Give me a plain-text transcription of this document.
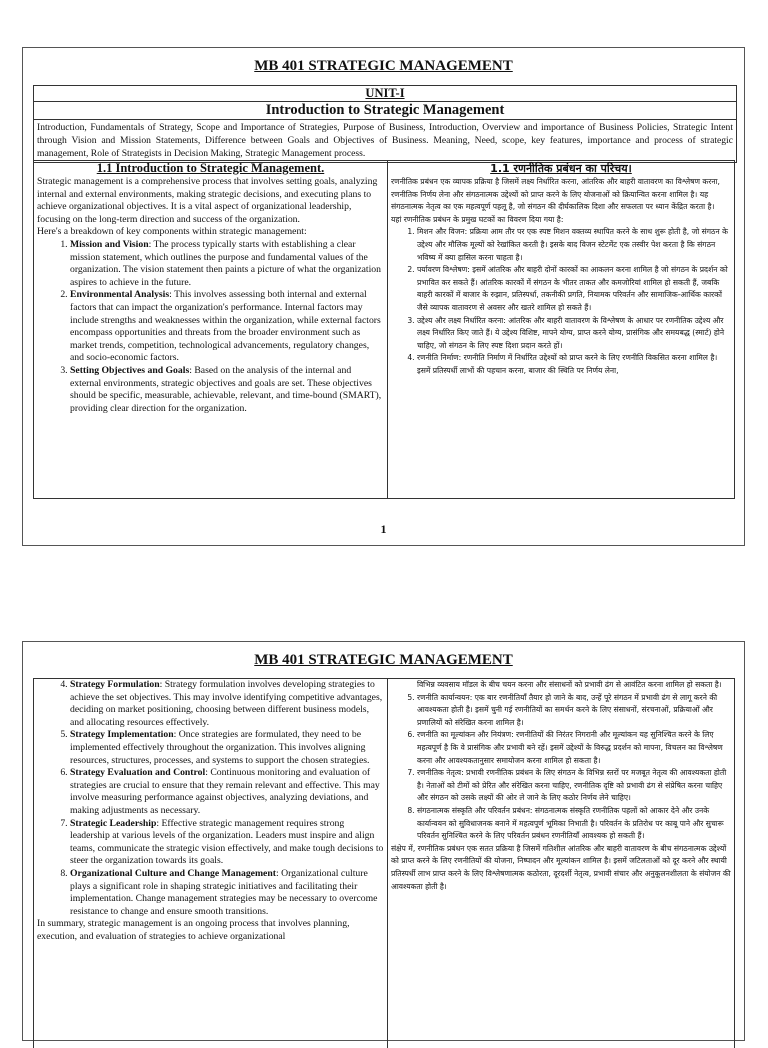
MB 401 STRATEGIC MANAGEMENT
UNIT-I
Introduction to Strategic Management
Introduction, Fundamentals of Strategy, Scope and Importance of Strategies, Purpose of Business, Introduction, Overview and importance of Business Policies, Strategic Intent through Vision and Mission Statements, Difference between Goals and Objectives of Business. Meaning, Need, scope, key features, importance and process of strategic management, Role of Strategists in Decision Making, Strategic Management process.
1.1 Introduction to Strategic Management.

Strategic management is a comprehensive process that involves setting goals, analyzing internal and external environments, making strategic decisions, and executing plans to achieve organizational objectives. It is a vital aspect of organizational leadership, focusing on the long-term direction and success of the organization.

Here's a breakdown of key components within strategic management:

1. Mission and Vision: The process typically starts with establishing a clear mission statement, which outlines the purpose and fundamental values of the organization. The vision statement then paints a picture of what the organization aspires to achieve in the future.
2. Environmental Analysis: This involves assessing both internal and external factors that can impact the organization's performance. Internal factors may include strengths and weaknesses within the organization, while external factors encompass opportunities and threats from the broader environment such as market trends, competition, technological advancements, regulatory changes, and socio-economic factors.
3. Setting Objectives and Goals: Based on the analysis of the internal and external environments, strategic objectives and goals are set. These objectives should be specific, measurable, achievable, relevant, and time-bound (SMART), providing clear direction for the organization.
1.1 रणनीतिक प्रबंधन का परिचय।

रणनीतिक प्रबंधन एक व्यापक प्रक्रिया है जिसमें लक्ष्य निर्धारित करना, आंतरिक और बाहरी वातावरण का विश्लेषण करना, रणनीतिक निर्णय लेना और संगठनात्मक उद्देश्यों को प्राप्त करने के लिए योजनाओं को क्रियान्वित करना शामिल है। यह संगठनात्मक नेतृत्व का एक महत्वपूर्ण पहलू है, जो संगठन की दीर्घकालिक दिशा और सफलता पर ध्यान केंद्रित करता है।

यहां रणनीतिक प्रबंधन के प्रमुख घटकों का विवरण दिया गया है:

1. मिशन और विजन: प्रक्रिया आम तौर पर एक स्पष्ट मिशन वक्तव्य स्थापित करने के साथ शुरू होती है, जो संगठन के उद्देश्य और मौलिक मूल्यों को रेखांकित करती है। इसके बाद विजन स्टेटमेंट एक तस्वीर पेश करता है कि संगठन भविष्य में क्या हासिल करना चाहता है।
2. पर्यावरण विश्लेषण: इसमें आंतरिक और बाहरी दोनों कारकों का आकलन करना शामिल है जो संगठन के प्रदर्शन को प्रभावित कर सकते हैं। आंतरिक कारकों में संगठन के भीतर ताकत और कमजोरियां शामिल हो सकती हैं, जबकि बाहरी कारकों में बाजार के रुझान, प्रतिस्पर्धा, तकनीकी प्रगति, नियामक परिवर्तन और सामाजिक-आर्थिक कारकों जैसे व्यापक वातावरण से अवसर और खतरे शामिल हो सकते हैं।
3. उद्देश्य और लक्ष्य निर्धारित करना: आंतरिक और बाहरी वातावरण के विश्लेषण के आधार पर रणनीतिक उद्देश्य और लक्ष्य निर्धारित किए जाते हैं। ये उद्देश्य विशिष्ट, मापने योग्य, प्राप्त करने योग्य, प्रासंगिक और समयबद्ध (स्मार्ट) होने चाहिए, जो संगठन के लिए स्पष्ट दिशा प्रदान करते हों।
4. रणनीति निर्माण: रणनीति निर्माण में निर्धारित उद्देश्यों को प्राप्त करने के लिए रणनीति विकसित करना शामिल है। इसमें प्रतिस्पर्धी लाभों की पहचान करना, बाजार की स्थिति पर निर्णय लेना,
1
MB 401 STRATEGIC MANAGEMENT
4. Strategy Formulation: Strategy formulation involves developing strategies to achieve the set objectives. This may involve identifying competitive advantages, deciding on market positioning, choosing between different business models, and allocating resources effectively.
5. Strategy Implementation: Once strategies are formulated, they need to be implemented effectively throughout the organization. This involves aligning resources, structures, processes, and systems to support the chosen strategies.
6. Strategy Evaluation and Control: Continuous monitoring and evaluation of strategies are crucial to ensure that they remain relevant and effective. This may involve measuring performance against objectives, analyzing deviations, and making adjustments as necessary.
7. Strategic Leadership: Effective strategic management requires strong leadership at various levels of the organization. Leaders must inspire and align teams, communicate the strategic vision effectively, and make tough decisions to steer the organization towards its goals.
8. Organizational Culture and Change Management: Organizational culture plays a significant role in shaping strategic initiatives and facilitating their implementation. Change management strategies may be necessary to overcome resistance to change and ensure smooth transitions.

In summary, strategic management is an ongoing process that involves planning, execution, and evaluation of strategies to achieve organizational

विभिन्न व्यवसाय मॉडल के बीच चयन करना और संसाधनों को प्रभावी ढंग से आवंटित करना शामिल हो सकता है।

5. रणनीति कार्यान्वयन: एक बार रणनीतियाँ तैयार हो जाने के बाद, उन्हें पूरे संगठन में प्रभावी ढंग से लागू करने की आवश्यकता होती है। इसमें चुनी गई रणनीतियों का समर्थन करने के लिए संसाधनों, संरचनाओं, प्रक्रियाओं और प्रणालियों को संरेखित करना शामिल है।
6. रणनीति का मूल्यांकन और नियंत्रण: रणनीतियों की निरंतर निगरानी और मूल्यांकन यह सुनिश्चित करने के लिए महत्वपूर्ण है कि वे प्रासंगिक और प्रभावी बने रहें। इसमें उद्देश्यों के विरुद्ध प्रदर्शन को मापना, विचलन का विश्लेषण करना और आवश्यकतानुसार समायोजन करना शामिल हो सकता है।
7. रणनीतिक नेतृत्व: प्रभावी रणनीतिक प्रबंधन के लिए संगठन के विभिन्न स्तरों पर मजबूत नेतृत्व की आवश्यकता होती है। नेताओं को टीमों को प्रेरित और संरेखित करना चाहिए, रणनीतिक दृष्टि को प्रभावी ढंग से संप्रेषित करना चाहिए और संगठन को उसके लक्ष्यों की ओर ले जाने के लिए कठोर निर्णय लेने चाहिए।
8. संगठनात्मक संस्कृति और परिवर्तन प्रबंधन: संगठनात्मक संस्कृति रणनीतिक पहलों को आकार देने और उनके कार्यान्वयन को सुविधाजनक बनाने में महत्वपूर्ण भूमिका निभाती है। परिवर्तन के प्रतिरोध पर काबू पाने और सुचारू परिवर्तन सुनिश्चित करने के लिए परिवर्तन प्रबंधन रणनीतियाँ आवश्यक हो सकती हैं।

संक्षेप में, रणनीतिक प्रबंधन एक सतत प्रक्रिया है जिसमें गतिशील आंतरिक और बाहरी वातावरण के बीच संगठनात्मक उद्देश्यों को प्राप्त करने के लिए रणनीतियों की योजना, निष्पादन और मूल्यांकन शामिल है। इसमें जटिलताओं को दूर करने और स्थायी प्रतिस्पर्धी लाभ प्राप्त करने के लिए विश्लेषणात्मक कठोरता, दूरदर्शी नेतृत्व, प्रभावी संचार और अनुकूलनशीलता के संयोजन की आवश्यकता होती है।
